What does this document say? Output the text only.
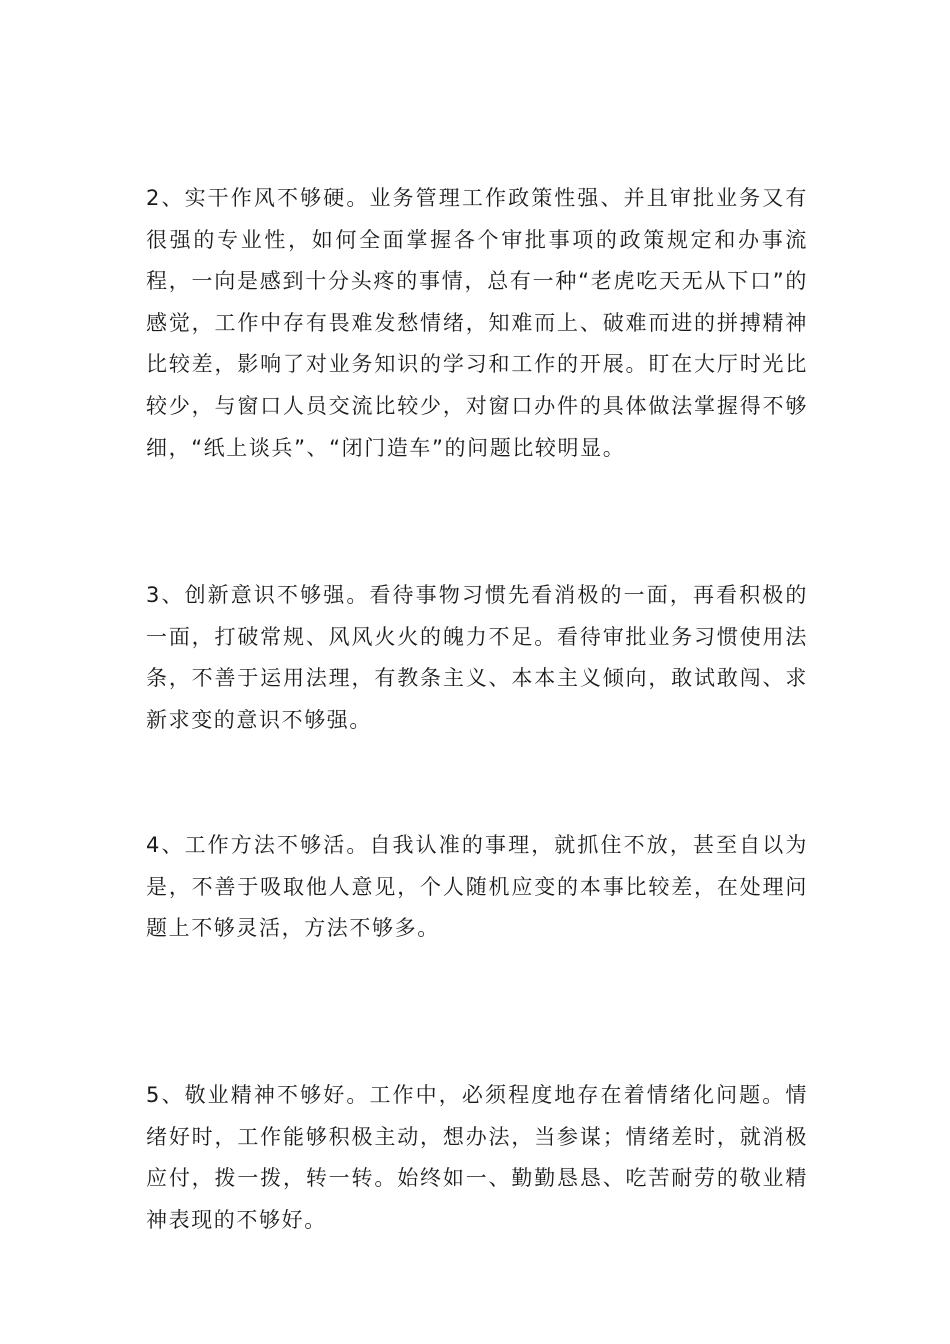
2、实干作风不够硬。业务管理工作政策性强、并且审批业务又有很强的专业性，如何全面掌握各个审批事项的政策规定和办事流程，一向是感到十分头疼的事情，总有一种“老虎吃天无从下口”的感觉，工作中存有畏难发愁情绪，知难而上、破难而进的拼搏精神比较差，影响了对业务知识的学习和工作的开展。盯在大厅时光比较少，与窗口人员交流比较少，对窗口办件的具体做法掌握得不够细，“纸上谈兵”、“闭门造车”的问题比较明显。

3、创新意识不够强。看待事物习惯先看消极的一面，再看积极的一面，打破常规、风风火火的魄力不足。看待审批业务习惯使用法条，不善于运用法理，有教条主义、本本主义倾向，敢试敢闯、求新求变的意识不够强。

4、工作方法不够活。自我认准的事理，就抓住不放，甚至自以为是，不善于吸取他人意见，个人随机应变的本事比较差，在处理问题上不够灵活，方法不够多。

5、敬业精神不够好。工作中，必须程度地存在着情绪化问题。情绪好时，工作能够积极主动，想办法，当参谋；情绪差时，就消极应付，拨一拨，转一转。始终如一、勤勤恳恳、吃苦耐劳的敬业精神表现的不够好。
